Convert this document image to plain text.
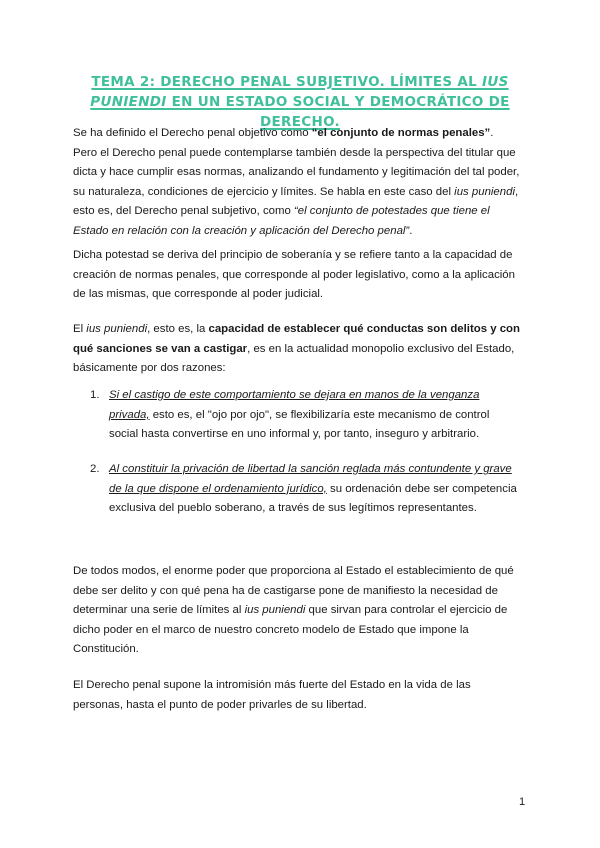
TEMA 2: DERECHO PENAL SUBJETIVO. LÍMITES AL IUS PUNIENDI EN UN ESTADO SOCIAL Y DEMOCRÁTICO DE DERECHO.
Se ha definido el Derecho penal objetivo como “el conjunto de normas penales”. Pero el Derecho penal puede contemplarse también desde la perspectiva del titular que dicta y hace cumplir esas normas, analizando el fundamento y legitimación del tal poder, su naturaleza, condiciones de ejercicio y límites. Se habla en este caso del ius puniendi, esto es, del Derecho penal subjetivo, como “el conjunto de potestades que tiene el Estado en relación con la creación y aplicación del Derecho penal”.
Dicha potestad se deriva del principio de soberanía y se refiere tanto a la capacidad de creación de normas penales, que corresponde al poder legislativo, como a la aplicación de las mismas, que corresponde al poder judicial.
El ius puniendi, esto es, la capacidad de establecer qué conductas son delitos y con qué sanciones se van a castigar, es en la actualidad monopolio exclusivo del Estado, básicamente por dos razones:
1. Si el castigo de este comportamiento se dejara en manos de la venganza privada, esto es, el "ojo por ojo", se flexibilizaría este mecanismo de control social hasta convertirse en uno informal y, por tanto, inseguro y arbitrario.
2. Al constituir la privación de libertad la sanción reglada más contundente y grave de la que dispone el ordenamiento jurídico, su ordenación debe ser competencia exclusiva del pueblo soberano, a través de sus legítimos representantes.
De todos modos, el enorme poder que proporciona al Estado el establecimiento de qué debe ser delito y con qué pena ha de castigarse pone de manifiesto la necesidad de determinar una serie de límites al ius puniendi que sirvan para controlar el ejercicio de dicho poder en el marco de nuestro concreto modelo de Estado que impone la Constitución.
El Derecho penal supone la intromisión más fuerte del Estado en la vida de las personas, hasta el punto de poder privarles de su libertad.
1
